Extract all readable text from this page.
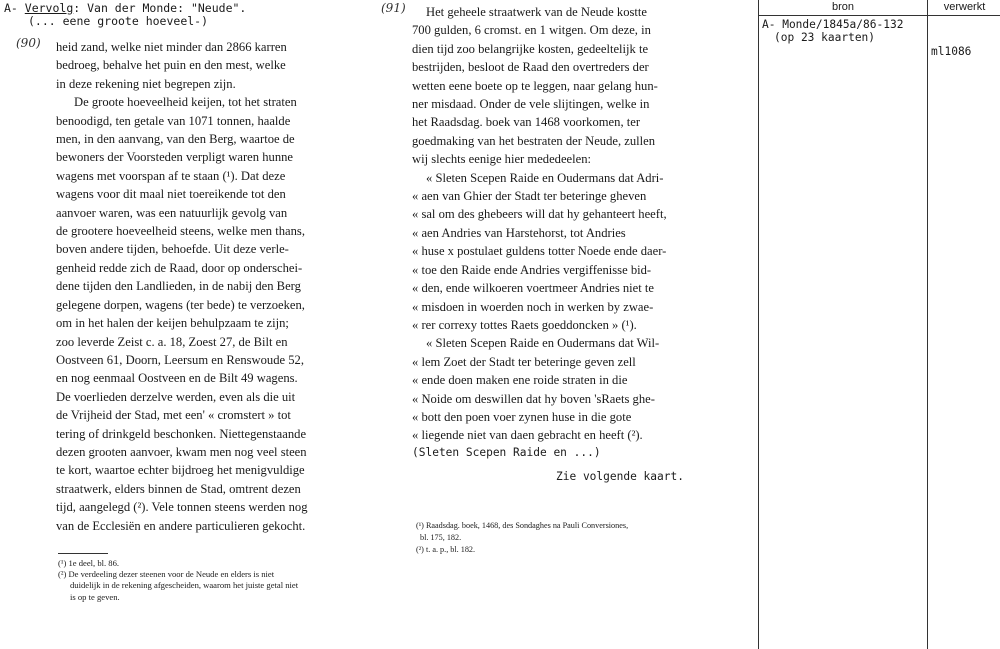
A- Vervolg: Van der Monde: "Neude".
(... eene groote hoeveel-)
(90)
(91)
heid zand, welke niet minder dan 2866 karren
bedroeg, behalve het puin en den mest, welke
in deze rekening niet begrepen zijn.
De groote hoeveelheid keijen, tot het straten
benoodigd, ten getale van 1071 tonnen, haalde
men, in den aanvang, van den Berg, waartoe de
bewoners der Voorsteden verpligt waren hunne
wagens met voorspan af te staan (¹). Dat deze
wagens voor dit maal niet toereikende tot den
aanvoer waren, was een natuurlijk gevolg van
de grootere hoeveelheid steens, welke men thans,
boven andere tijden, behoefde. Uit deze verle-
genheid redde zich de Raad, door op onderschei-
dene tijden den Landlieden, in de nabij den Berg
gelegene dorpen, wagens (ter bede) te verzoeken,
om in het halen der keijen behulpzaam te zijn;
zoo leverde Zeist c. a. 18, Zoest 27, de Bilt en
Oostveen 61, Doorn, Leersum en Renswoude 52,
en nog eenmaal Oostveen en de Bilt 49 wagens.
De voerlieden derzelve werden, even als die uit
de Vrijheid der Stad, met een' « cromstert » tot
tering of drinkgeld beschonken. Niettegenstaande
dezen grooten aanvoer, kwam men nog veel steen
te kort, waartoe echter bijdroeg het menigvuldige
straatwerk, elders binnen de Stad, omtrent dezen
tijd, aangelegd (²). Vele tonnen steens werden nog
van de Ecclesiën en andere particulieren gekocht.

(¹) 1e deel, bl. 86.

(²) De verdeeling dezer steenen voor de Neude en elders is niet

duidelijk in de rekening afgescheiden, waarom het juiste getal niet

is op te geven.

Het geheele straatwerk van de Neude kostte
700 gulden, 6 cromst. en 1 witgen. Om deze, in
dien tijd zoo belangrijke kosten, gedeeltelijk te
bestrijden, besloot de Raad den overtreders der
wetten eene boete op te leggen, naar gelang hun-
ner misdaad. Onder de vele slijtingen, welke in
het Raadsdag. boek van 1468 voorkomen, ter
goedmaking van het bestraten der Neude, zullen
wij slechts eenige hier mededeelen:
« Sleten Scepen Raide en Oudermans dat Adri-
« aen van Ghier der Stadt ter beteringe gheven
« sal om des ghebeers will dat hy gehanteert heeft,
« aen Andries van Harstehorst, tot Andries
« huse x postulaet guldens totter Noede ende daer-
« toe den Raide ende Andries vergiffenisse bid-
« den, ende wilkoeren voertmeer Andries niet te
« misdoen in woerden noch in werken by zwae-
« rer correxy tottes Raets goeddoncken » (¹).
« Sleten Scepen Raide en Oudermans dat Wil-
« lem Zoet der Stadt ter beteringe geven zell
« ende doen maken ene roide straten in die
« Noide om deswillen dat hy boven 'sRaets ghe-
« bott den poen voer zynen huse in die gote
« liegende niet van daen gebracht en heeft (²).
(Sleten Scepen Raide en ...)
Zie volgende kaart.

(¹) Raadsdag. boek, 1468, des Sondaghes na Pauli Conversiones,

bl. 175, 182.

(²) t. a. p., bl. 182.

bron	verwerkt
A- Monde/1845a/86-132
(op 23 kaarten)
ml1086
